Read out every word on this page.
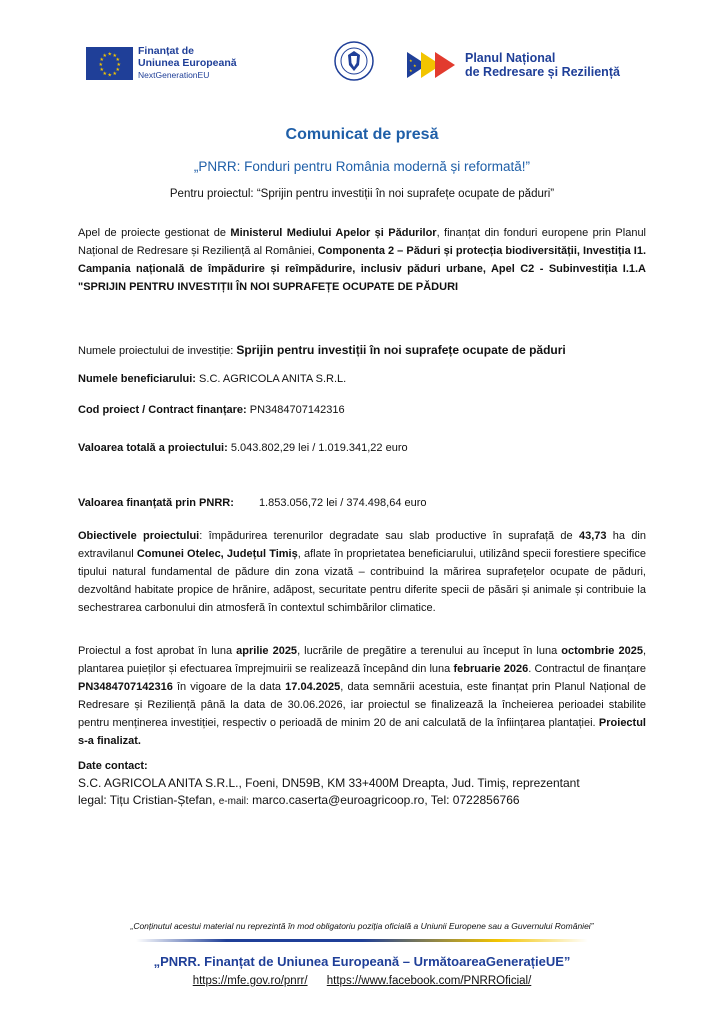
★ ★
★
★
★
★
★
★
★
★
★
★	Finanțat de
Uniunea Europeană
NextGenerationEU
★
★
★
Planul Național
de Redresare și Reziliență
Comunicat de presă
„PNRR: Fonduri pentru România modernă și reformată!”
Pentru proiectul: “Sprijin pentru investiții în noi suprafețe ocupate de păduri”
Apel de proiecte gestionat de Ministerul Mediului Apelor și Pădurilor, finanțat din fonduri europene prin Planul Național de Redresare și Reziliență al României, Componenta 2 – Păduri și protecția biodiversității, Investiția I1. Campania națională de împădurire și reîmpădurire, inclusiv păduri urbane, Apel C2 - Subinvestiția I.1.A "SPRIJIN PENTRU INVESTIȚII ÎN NOI SUPRAFEȚE OCUPATE DE PĂDURI
Numele proiectului de investiție: Sprijin pentru investiții în noi suprafețe ocupate de păduri
Numele beneficiarului: S.C. AGRICOLA ANITA S.R.L.
Cod proiect / Contract finanțare: PN3484707142316
Valoarea totală a proiectului: 5.043.802,29 lei / 1.019.341,22 euro
Valoarea finanțată prin PNRR: 1.853.056,72 lei / 374.498,64 euro
Obiectivele proiectului: împădurirea terenurilor degradate sau slab productive în suprafață de 43,73 ha din extravilanul Comunei Otelec, Județul Timiș, aflate în proprietatea beneficiarului, utilizând specii forestiere specifice tipului natural fundamental de pădure din zona vizată – contribuind la mărirea suprafețelor ocupate de păduri, dezvoltând habitate propice de hrănire, adăpost, securitate pentru diferite specii de păsări și animale și contribuie la sechestrarea carbonului din atmosferă în contextul schimbărilor climatice.
Proiectul a fost aprobat în luna aprilie 2025, lucrările de pregătire a terenului au început în luna octombrie 2025, plantarea puieților și efectuarea împrejmuirii se realizează începând din luna februarie 2026. Contractul de finanțare PN3484707142316 în vigoare de la data 17.04.2025, data semnării acestuia, este finanțat prin Planul Național de Redresare și Reziliență până la data de 30.06.2026, iar proiectul se finalizează la încheierea perioadei stabilite pentru menținerea investiției, respectiv o perioadă de minim 20 de ani calculată de la înființarea plantației. Proiectul s-a finalizat.
Date contact:
S.C. AGRICOLA ANITA S.R.L., Foeni, DN59B, KM 33+400M Dreapta, Jud. Timiș, reprezentant
legal: Tițu Cristian-Ștefan, e-mail: marco.caserta@euroagricoop.ro, Tel: 0722856766
„Conținutul acestui material nu reprezintă în mod obligatoriu poziția oficială a Uniunii Europene sau a Guvernului României”
„PNRR. Finanțat de Uniunea Europeană – UrmătoareaGenerațieUE”
https://mfe.gov.ro/pnrr/ https://www.facebook.com/PNRROficial/
